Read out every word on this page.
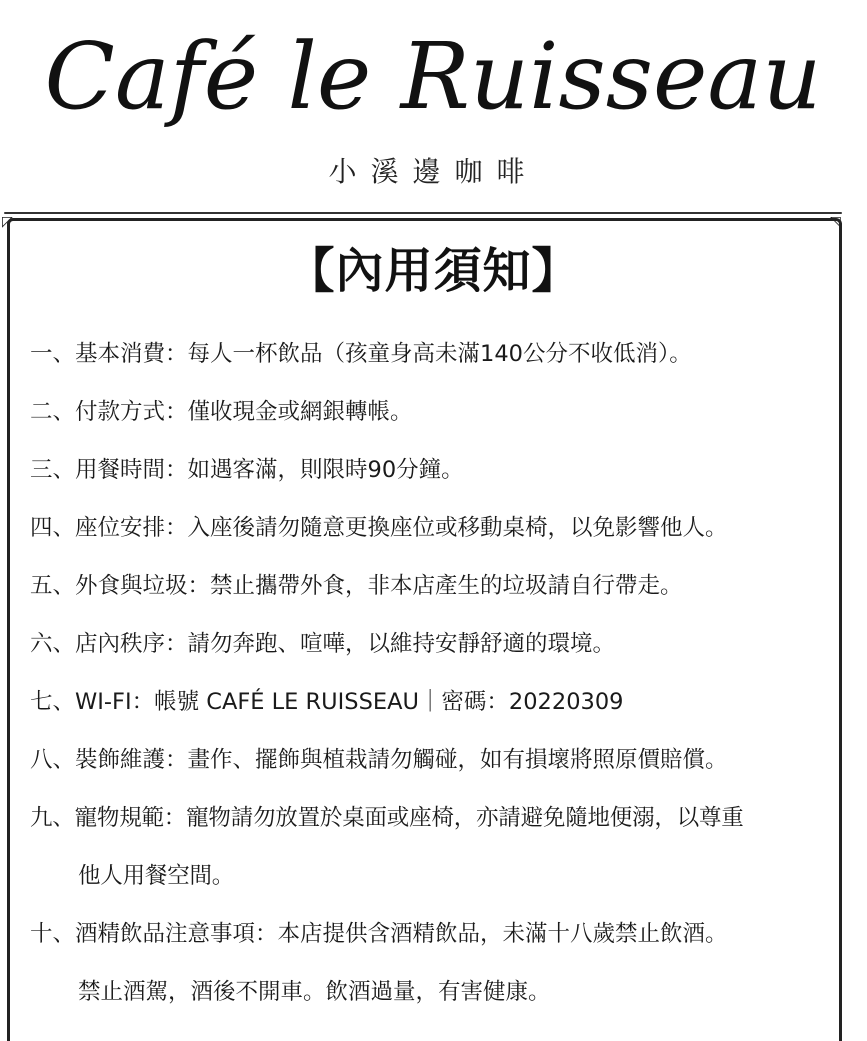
Café le Ruisseau
小溪邊咖啡
◸	◹
【內用須知】
一、基本消費：每人一杯飲品（孩童身高未滿140公分不收低消）。
二、付款方式：僅收現金或網銀轉帳。
三、用餐時間：如遇客滿，則限時90分鐘。
四、座位安排：入座後請勿隨意更換座位或移動桌椅，以免影響他人。
五、外食與垃圾：禁止攜帶外食，非本店產生的垃圾請自行帶走。
六、店內秩序：請勿奔跑、喧嘩，以維持安靜舒適的環境。
七、WI-FI：帳號 CAFÉ LE RUISSEAU｜密碼：20220309
八、裝飾維護：畫作、擺飾與植栽請勿觸碰，如有損壞將照原價賠償。
九、寵物規範：寵物請勿放置於桌面或座椅，亦請避免隨地便溺，以尊重
他人用餐空間。
十、酒精飲品注意事項：本店提供含酒精飲品，未滿十八歲禁止飲酒。
禁止酒駕，酒後不開車。飲酒過量，有害健康。
